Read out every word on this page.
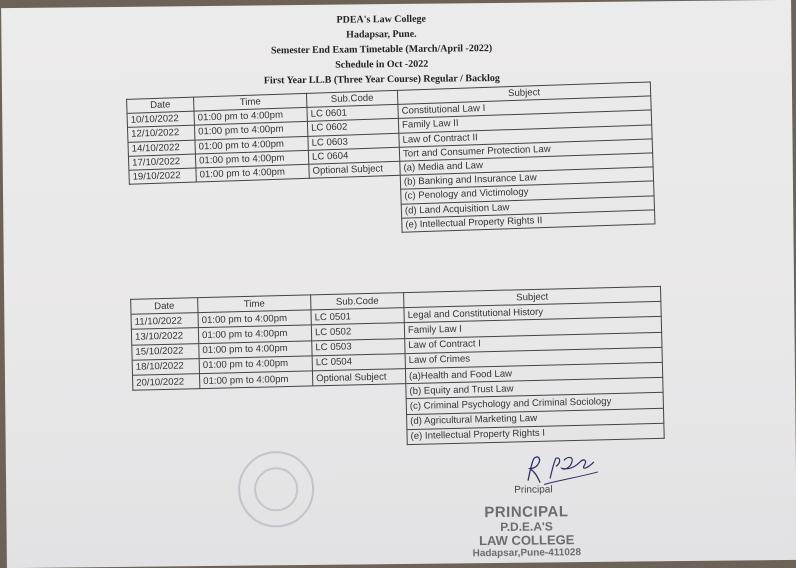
PDEA's Law College
Hadapsar, Pune.
Semester End Exam Timetable (March/April -2022)
Schedule in Oct -2022
First Year LL.B (Three Year Course) Regular / Backlog
Date	Time	Sub.Code	Subject
10/10/2022	01:00 pm to 4:00pm	LC 0601	Constitutional Law I
12/10/2022	01:00 pm to 4:00pm	LC 0602	Family Law II
14/10/2022	01:00 pm to 4:00pm	LC 0603	Law of Contract II
17/10/2022	01:00 pm to 4:00pm	LC 0604	Tort and Consumer Protection Law
19/10/2022	01:00 pm to 4:00pm	Optional Subject	(a) Media and Law
			(b) Banking and Insurance Law
			(c) Penology and Victimology
			(d) Land Acquisition Law
			(e) Intellectual Property Rights II
Date	Time	Sub.Code	Subject
11/10/2022	01:00 pm to 4:00pm	LC 0501	Legal and Constitutional History
13/10/2022	01:00 pm to 4:00pm	LC 0502	Family Law I
15/10/2022	01:00 pm to 4:00pm	LC 0503	Law of Contract I
18/10/2022	01:00 pm to 4:00pm	LC 0504	Law of Crimes
20/10/2022	01:00 pm to 4:00pm	Optional Subject	(a)Health and Food Law
			(b) Equity and Trust Law
			(c) Criminal Psychology and Criminal Sociology
			(d) Agricultural Marketing Law
			(e) Intellectual Property Rights I
Principal
PRINCIPAL
P.D.E.A'S
LAW COLLEGE
Hadapsar,Pune-411028
